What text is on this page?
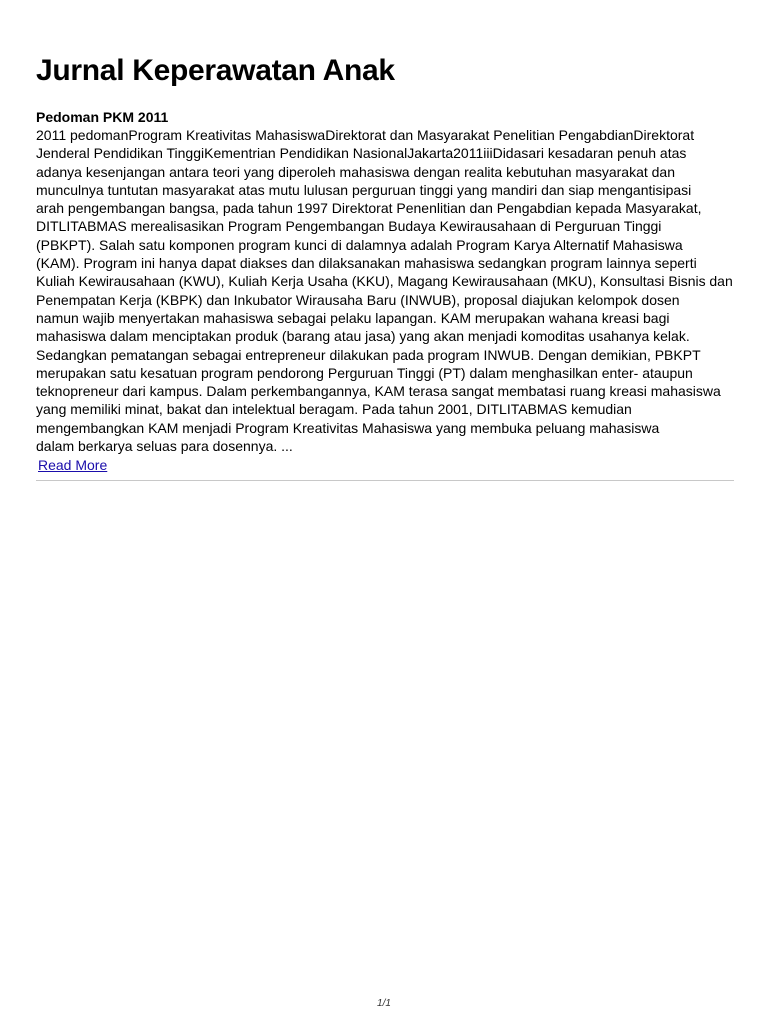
Jurnal Keperawatan Anak
Pedoman PKM 2011

2011 pedomanProgram Kreativitas MahasiswaDirektorat dan Masyarakat Penelitian PengabdianDirektorat
Jenderal Pendidikan TinggiKementrian Pendidikan NasionalJakarta2011iiiDidasari kesadaran penuh atas
adanya kesenjangan antara teori yang diperoleh mahasiswa dengan realita kebutuhan masyarakat dan
munculnya tuntutan masyarakat atas mutu lulusan perguruan tinggi yang mandiri dan siap mengantisipasi
arah pengembangan bangsa, pada tahun 1997 Direktorat Penenlitian dan Pengabdian kepada Masyarakat,
DITLITABMAS merealisasikan Program Pengembangan Budaya Kewirausahaan di Perguruan Tinggi
(PBKPT). Salah satu komponen program kunci di dalamnya adalah Program Karya Alternatif Mahasiswa
(KAM). Program ini hanya dapat diakses dan dilaksanakan mahasiswa sedangkan program lainnya seperti
Kuliah Kewirausahaan (KWU), Kuliah Kerja Usaha (KKU), Magang Kewirausahaan (MKU), Konsultasi Bisnis dan
Penempatan Kerja (KBPK) dan Inkubator Wirausaha Baru (INWUB), proposal diajukan kelompok dosen
namun wajib menyertakan mahasiswa sebagai pelaku lapangan. KAM merupakan wahana kreasi bagi
mahasiswa dalam menciptakan produk (barang atau jasa) yang akan menjadi komoditas usahanya kelak.
Sedangkan pematangan sebagai entrepreneur dilakukan pada program INWUB. Dengan demikian, PBKPT
merupakan satu kesatuan program pendorong Perguruan Tinggi (PT) dalam menghasilkan enter- ataupun
teknopreneur dari kampus. Dalam perkembangannya, KAM terasa sangat membatasi ruang kreasi mahasiswa
yang memiliki minat, bakat dan intelektual beragam. Pada tahun 2001, DITLITABMAS kemudian
mengembangkan KAM menjadi Program Kreativitas Mahasiswa yang membuka peluang mahasiswa
dalam berkarya seluas para dosennya. ...

Read More
1/1
